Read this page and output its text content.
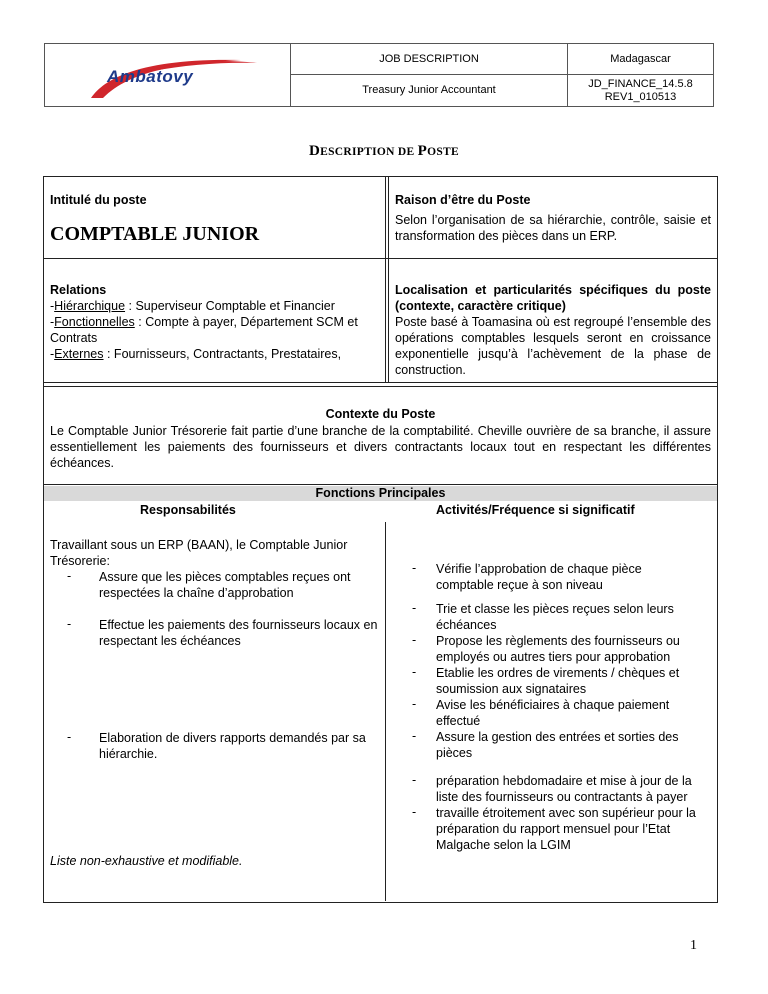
Ambatovy
JOB DESCRIPTION
Treasury Junior Accountant
Madagascar
JD_FINANCE_14.5.8
REV1_010513
DESCRIPTION DE POSTE
Intitulé du poste
COMPTABLE JUNIOR
Raison d’être du Poste
Selon l’organisation de sa hiérarchie, contrôle, saisie et transformation des pièces dans un ERP.
Relations
-Hiérarchique : Superviseur Comptable et Financier
-Fonctionnelles : Compte à payer, Département SCM et
Contrats
-Externes : Fournisseurs, Contractants, Prestataires,
Localisation et particularités spécifiques du poste (contexte, caractère critique)
Poste basé à Toamasina où est regroupé l’ensemble des opérations comptables lesquels seront en croissance exponentielle jusqu’à l’achèvement de la phase de construction.
Contexte du Poste
Le Comptable Junior Trésorerie fait partie d’une branche de la comptabilité. Cheville ouvrière de sa branche, il assure essentiellement les paiements des fournisseurs et divers contractants locaux tout en respectant les différentes échéances.
Fonctions Principales
Responsabilités	Activités/Fréquence si significatif
Travaillant sous un ERP (BAAN), le Comptable Junior Trésorerie:
- Assure que les pièces comptables reçues ont respectées la chaîne d’approbation
- Effectue les paiements des fournisseurs locaux en respectant les échéances
- Elaboration de divers rapports demandés par sa hiérarchie.
Liste non-exhaustive et modifiable.
- Vérifie l’approbation de chaque pièce comptable reçue à son niveau
- Trie et classe les pièces reçues selon leurs échéances
- Propose les règlements des fournisseurs ou employés ou autres tiers pour approbation
- Etablie les ordres de virements / chèques et soumission aux signataires
- Avise les bénéficiaires à chaque paiement effectué
- Assure la gestion des entrées et sorties des pièces
- préparation hebdomadaire et mise à jour de la liste des fournisseurs ou contractants à payer
- travaille étroitement avec son supérieur pour la préparation du rapport mensuel pour l’Etat Malgache selon la LGIM
1
